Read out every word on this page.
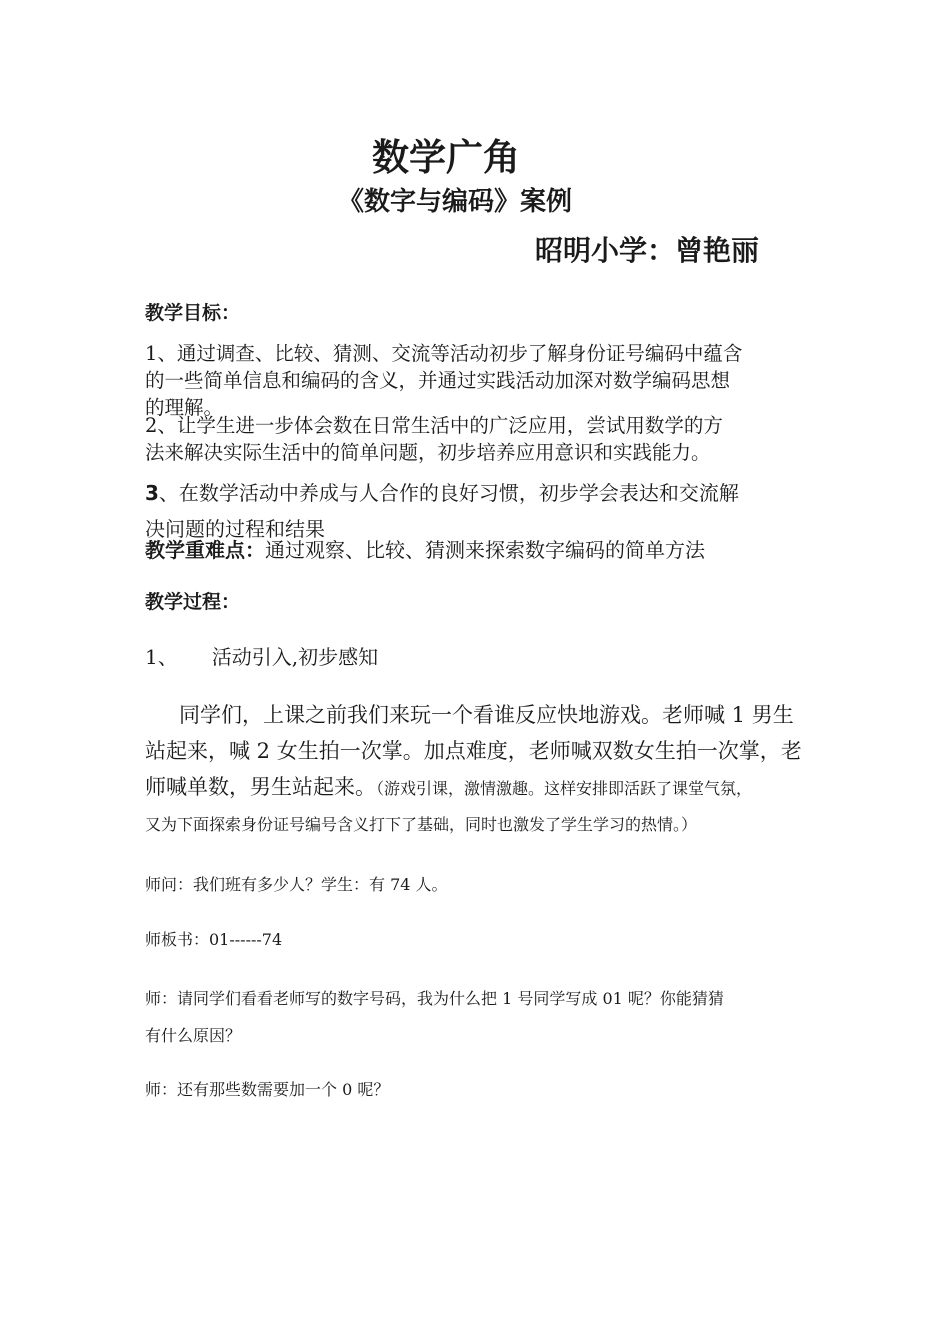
数学广角
《数字与编码》案例
昭明小学：曾艳丽
教学目标：
1、通过调查、比较、猜测、交流等活动初步了解身份证号编码中蕴含
的一些简单信息和编码的含义，并通过实践活动加深对数学编码思想
的理解。
2、让学生进一步体会数在日常生活中的广泛应用，尝试用数学的方
法来解决实际生活中的简单问题，初步培养应用意识和实践能力。
3、在数学活动中养成与人合作的良好习惯，初步学会表达和交流解
决问题的过程和结果
教学重难点：通过观察、比较、猜测来探索数字编码的简单方法
教学过程：
1、 活动引入,初步感知
同学们，上课之前我们来玩一个看谁反应快地游戏。老师喊 1 男生
站起来，喊 2 女生拍一次掌。加点难度，老师喊双数女生拍一次掌，老
师喊单数，男生站起来。（游戏引课，激情激趣。这样安排即活跃了课堂气氛，
又为下面探索身份证号编号含义打下了基础，同时也激发了学生学习的热情。）
师问：我们班有多少人？学生：有 74 人。
师板书：01------74
师：请同学们看看老师写的数字号码，我为什么把 1 号同学写成 01 呢？你能猜猜
有什么原因？
师：还有那些数需要加一个 0 呢？
